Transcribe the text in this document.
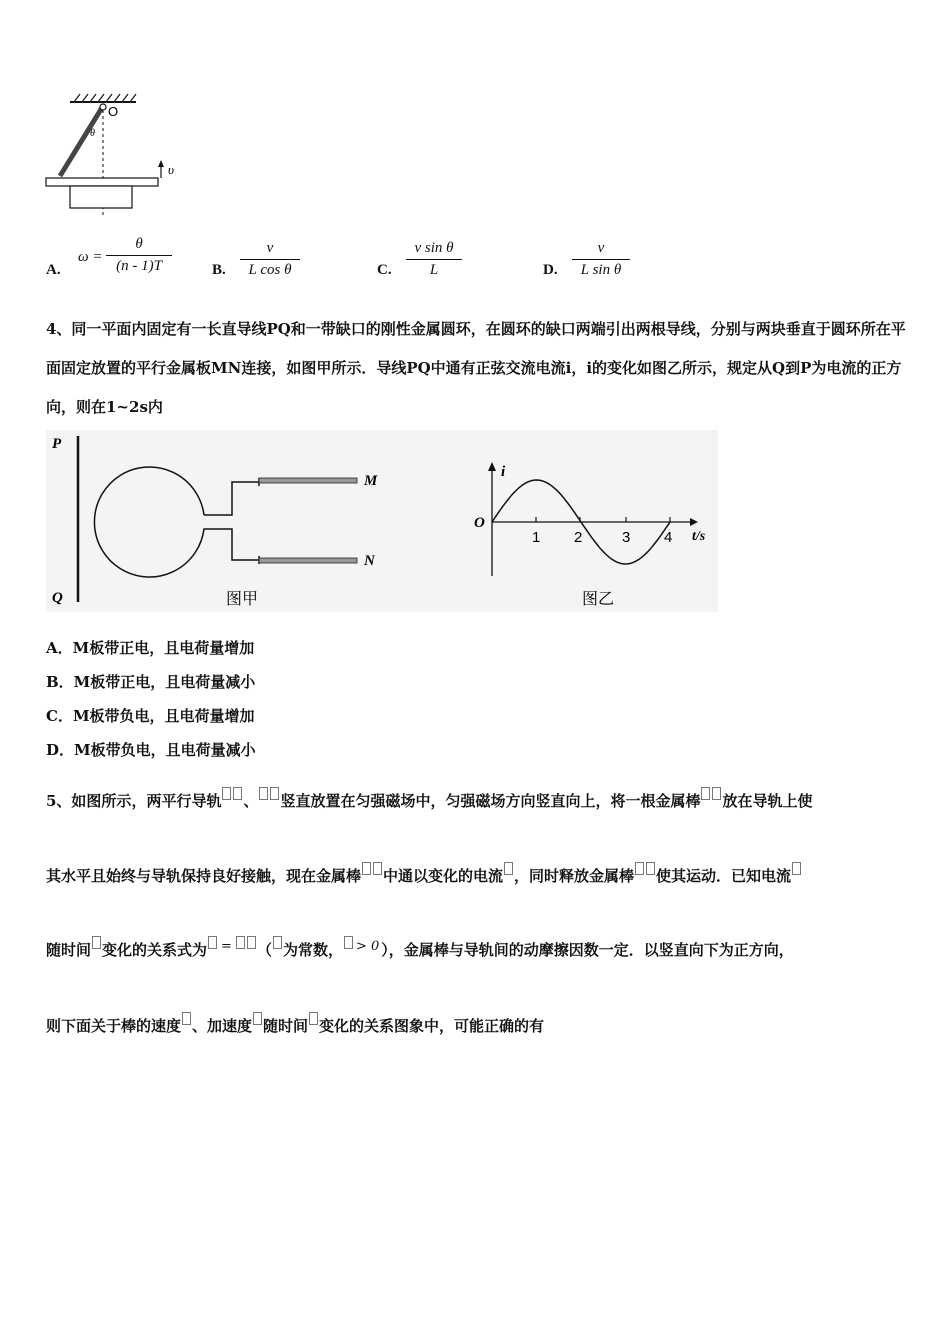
O
θ
υ
A.
ω =
θ
(n - 1)T	B.
v
L cos θ	C.
v sin θ
L	D.
v
L sin θ
4、同一平面内固定有一长直导线PQ和一带缺口的刚性金属圆环，在圆环的缺口两端引出两根导线，分别与两块垂直于圆环所在平面固定放置的平行金属板MN连接，如图甲所示．导线PQ中通有正弦交流电流i，i的变化如图乙所示，规定从Q到P为电流的正方向，则在1~2s内
P
Q
M
N
图甲
i
O
t/s
1 2	3 4
图乙
A．M板带正电，且电荷量增加
B．M板带正电，且电荷量减小
C．M板带负电，且电荷量增加
D．M板带负电，且电荷量减小
5、如图所示，两平行导轨 、 竖直放置在匀强磁场中，匀强磁场方向竖直向上，将一根金属棒 放在导轨上使
其水平且始终与导轨保持良好接触，现在金属棒 中通以变化的电流 ，同时释放金属棒 使其运动．已知电流
随时间 变化的关系式为 = （ 为常数， > 0 ），金属棒与导轨间的动摩擦因数一定．以竖直向下为正方向，
则下面关于棒的速度 、加速度 随时间 变化的关系图象中，可能正确的有
